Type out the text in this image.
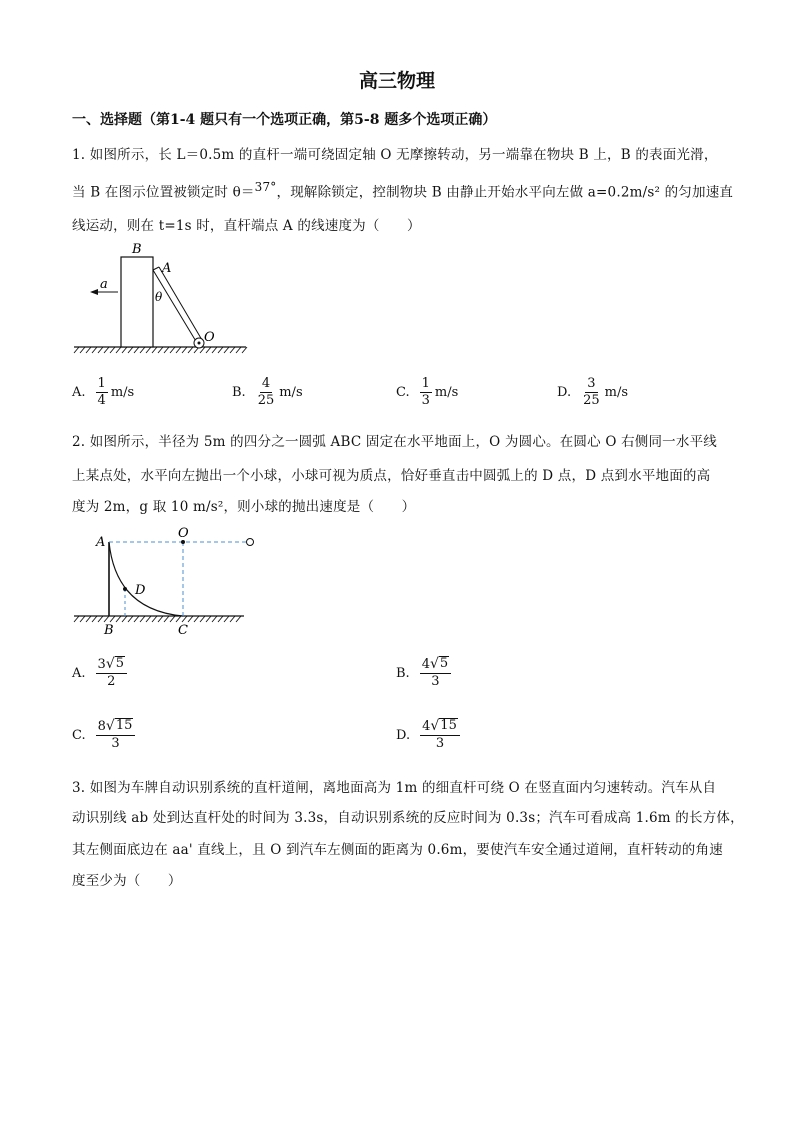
高三物理
一、选择题（第1-4 题只有一个选项正确，第5-8 题多个选项正确）
1. 如图所示，长 L＝0.5m 的直杆一端可绕固定轴 O 无摩擦转动，另一端靠在物块 B 上，B 的表面光滑，
当 B 在图示位置被锁定时 θ＝$^{37^\circ}$，现解除锁定，控制物块 B 由静止开始水平向左做 a=0.2m/s² 的匀加速直
线运动，则在 t=1s 时，直杆端点 A 的线速度为（　　）
B
A
θ
a
O
A. $\frac{1}{4} m/s$	B. $\frac{4}{25} m/s$	C. $\frac{1}{3} m/s$	D. $\frac{3}{25} m/s$
2. 如图所示，半径为 5m 的四分之一圆弧 ABC 固定在水平地面上，O 为圆心。在圆心 O 右侧同一水平线
上某点处，水平向左抛出一个小球，小球可视为质点，恰好垂直击中圆弧上的 D 点，D 点到水平地面的高
度为 2m，g 取 10 m/s²，则小球的抛出速度是（　　）
A
O
D
B	C
A. $\frac{3 √ 5}{2}$	B. $\frac{4 √ 5}{3}$
C. $\frac{8 √ 15}{3}$	D. $\frac{4 √ 15}{3}$
3. 如图为车牌自动识别系统的直杆道闸，离地面高为 1m 的细直杆可绕 O 在竖直面内匀速转动。汽车从自
动识别线 ab 处到达直杆处的时间为 3.3s，自动识别系统的反应时间为 0.3s；汽车可看成高 1.6m 的长方体，
其左侧面底边在 aa' 直线上，且 O 到汽车左侧面的距离为 0.6m，要使汽车安全通过道闸，直杆转动的角速
度至少为（　　）
